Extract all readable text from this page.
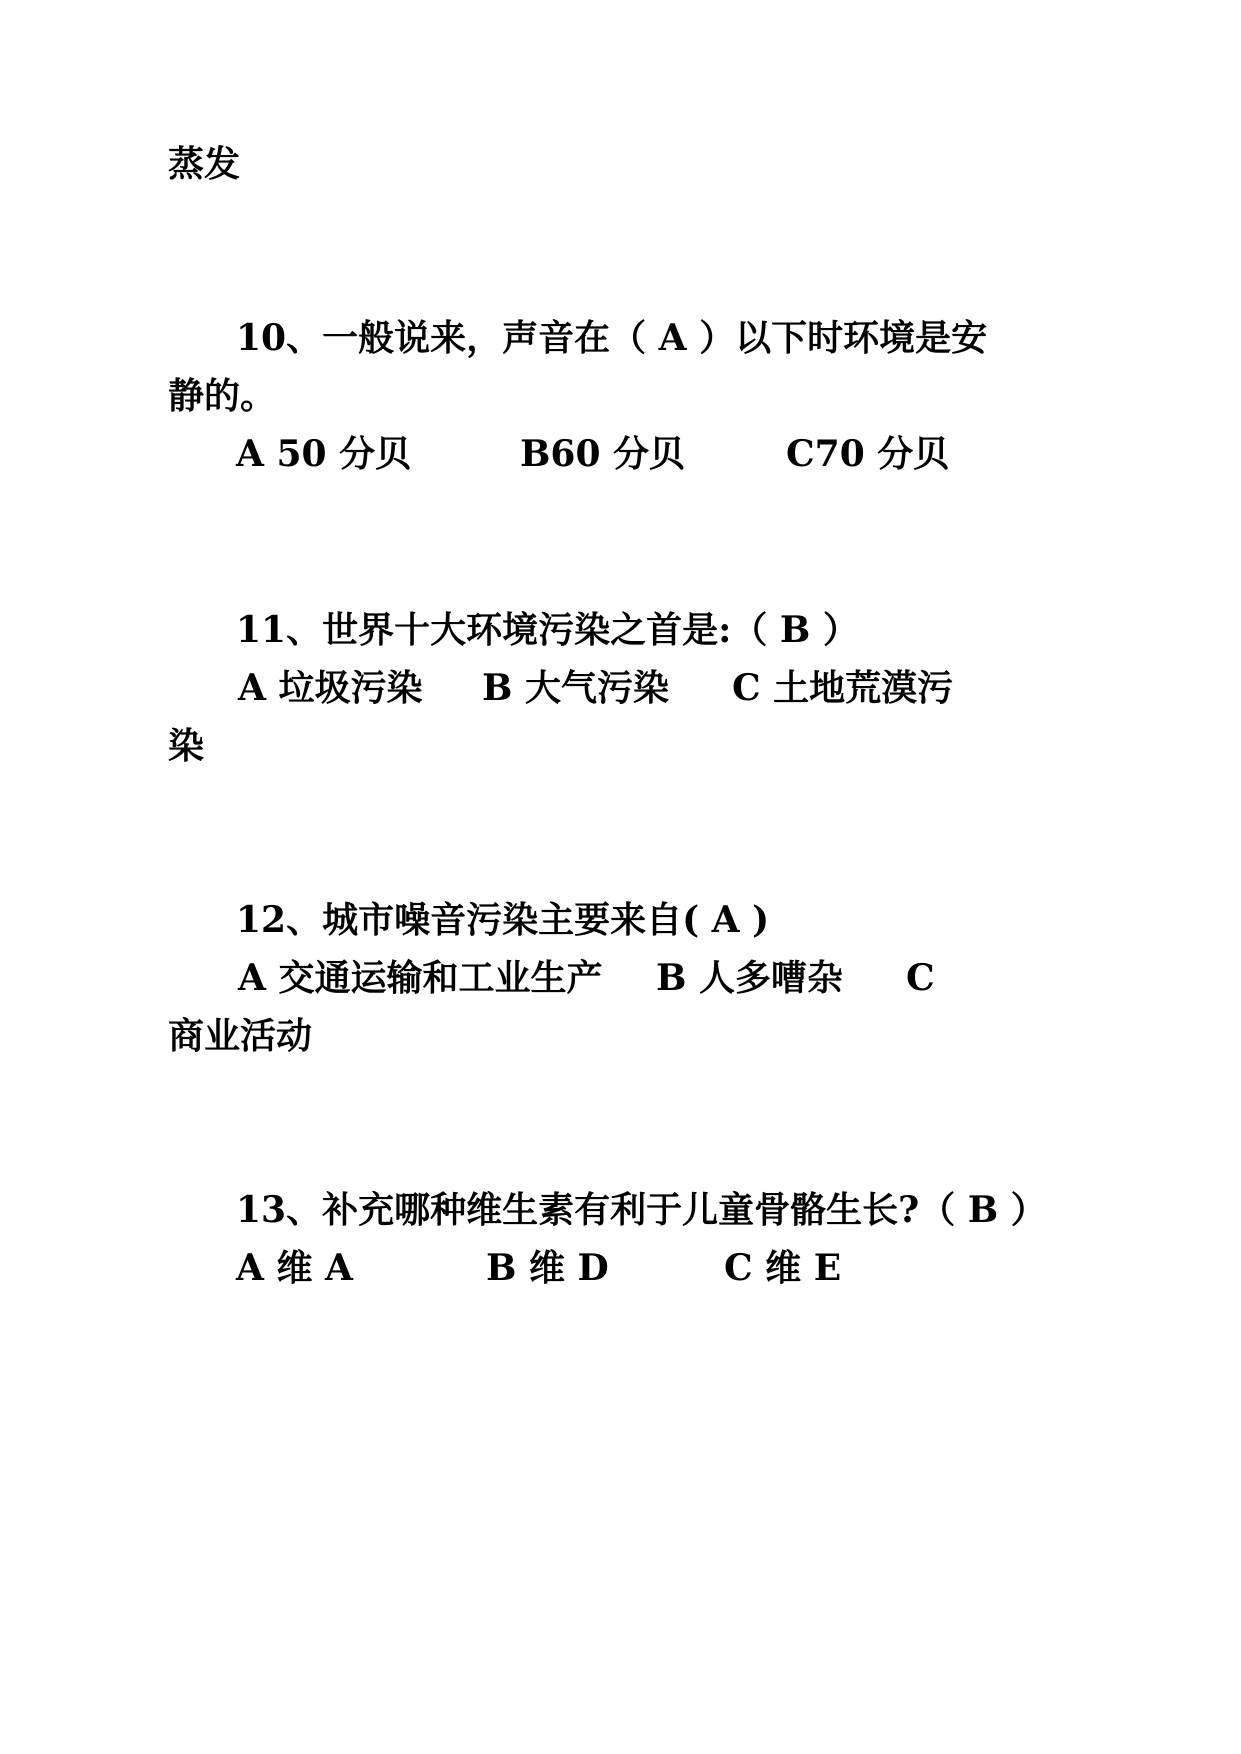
蒸发
10、一般说来，声音在（ A ）以下时环境是安
静的。
A 50 分贝	B60 分贝	C70 分贝
11、世界十大环境污染之首是:（ B ）
A 垃圾污染 B 大气污染 C 土地荒漠污
染
12、城市噪音污染主要来自( A )
A 交通运输和工业生产 B 人多嘈杂 C
商业活动
13、补充哪种维生素有利于儿童骨骼生长?（ B ）
A 维 A	B 维 D	C 维 E
